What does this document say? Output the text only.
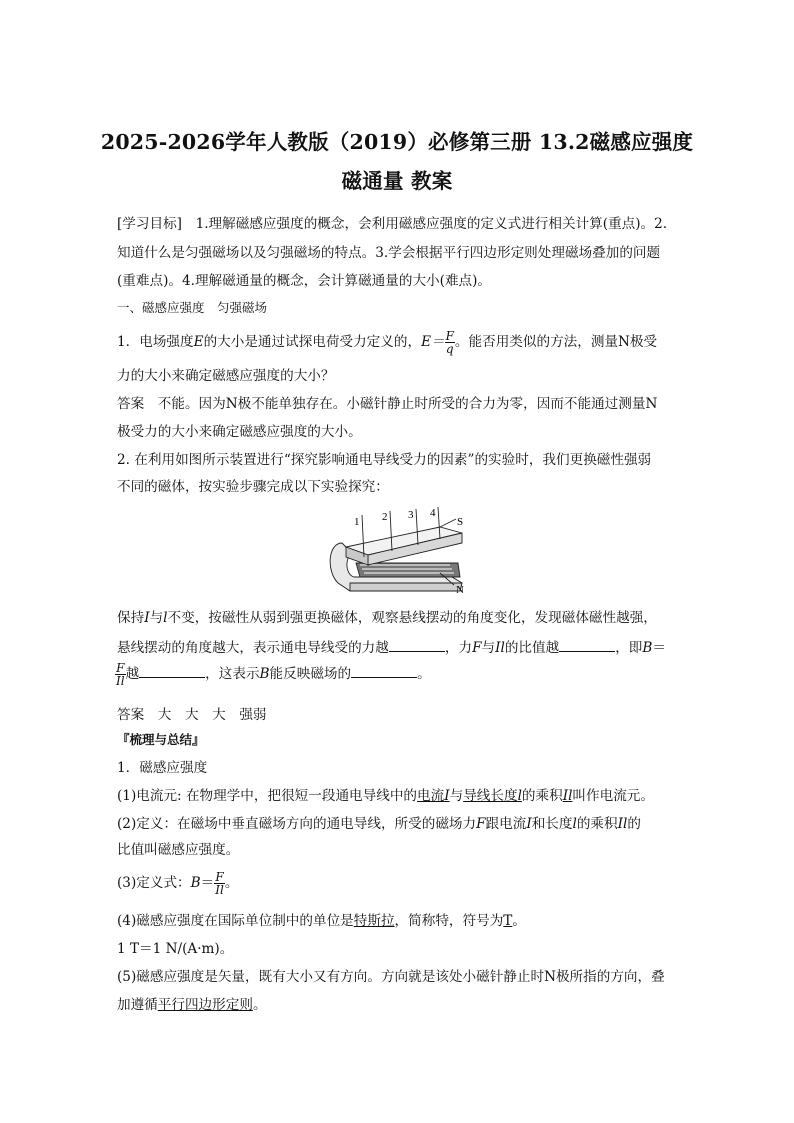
2025-2026学年人教版（2019）必修第三册 13.2磁感应强度
磁通量 教案
[学习目标]　1.理解磁感应强度的概念，会利用磁感应强度的定义式进行相关计算(重点)。2.
知道什么是匀强磁场以及匀强磁场的特点。3.学会根据平行四边形定则处理磁场叠加的问题
(重难点)。4.理解磁通量的概念，会计算磁通量的大小(难点)。
一、磁感应强度　匀强磁场
1．电场强度E的大小是通过试探电荷受力定义的，$E= \frac{F}{q}$ 。能否用类似的方法，测量N极受
力的大小来确定磁感应强度的大小？
答案　不能。因为N极不能单独存在。小磁针静止时所受的合力为零，因而不能通过测量N
极受力的大小来确定磁感应强度的大小。
2. 在利用如图所示装置进行“探究影响通电导线受力的因素”的实验时，我们更换磁性强弱
不同的磁体，按实验步骤完成以下实验探究：
1 2 3 4
S
N
保持I与l不变，按磁性从弱到强更换磁体，观察悬线摆动的角度变化，发现磁体磁性越强，
悬线摆动的角度越大，表示通电导线受的力越	，力F与Il的比值越	，即B＝
$\frac{F}{Il}$ 越	，这表示B能反映磁场的	。
答案　大　大　大　强弱
『梳理与总结』
1．磁感应强度
(1)电流元: 在物理学中，把很短一段通电导线中的电流I与导线长度l的乘积Il叫作电流元。
(2)定义：在磁场中垂直磁场方向的通电导线，所受的磁场力F跟电流I和长度l的乘积Il的
比值叫磁感应强度。
(3)定义式：$B= \frac{F}{Il}$ 。
(4)磁感应强度在国际单位制中的单位是特斯拉，简称特，符号为T。
1 T＝1 N/(A·m)。
(5)磁感应强度是矢量，既有大小又有方向。方向就是该处小磁针静止时N极所指的方向，叠
加遵循平行四边形定则。
